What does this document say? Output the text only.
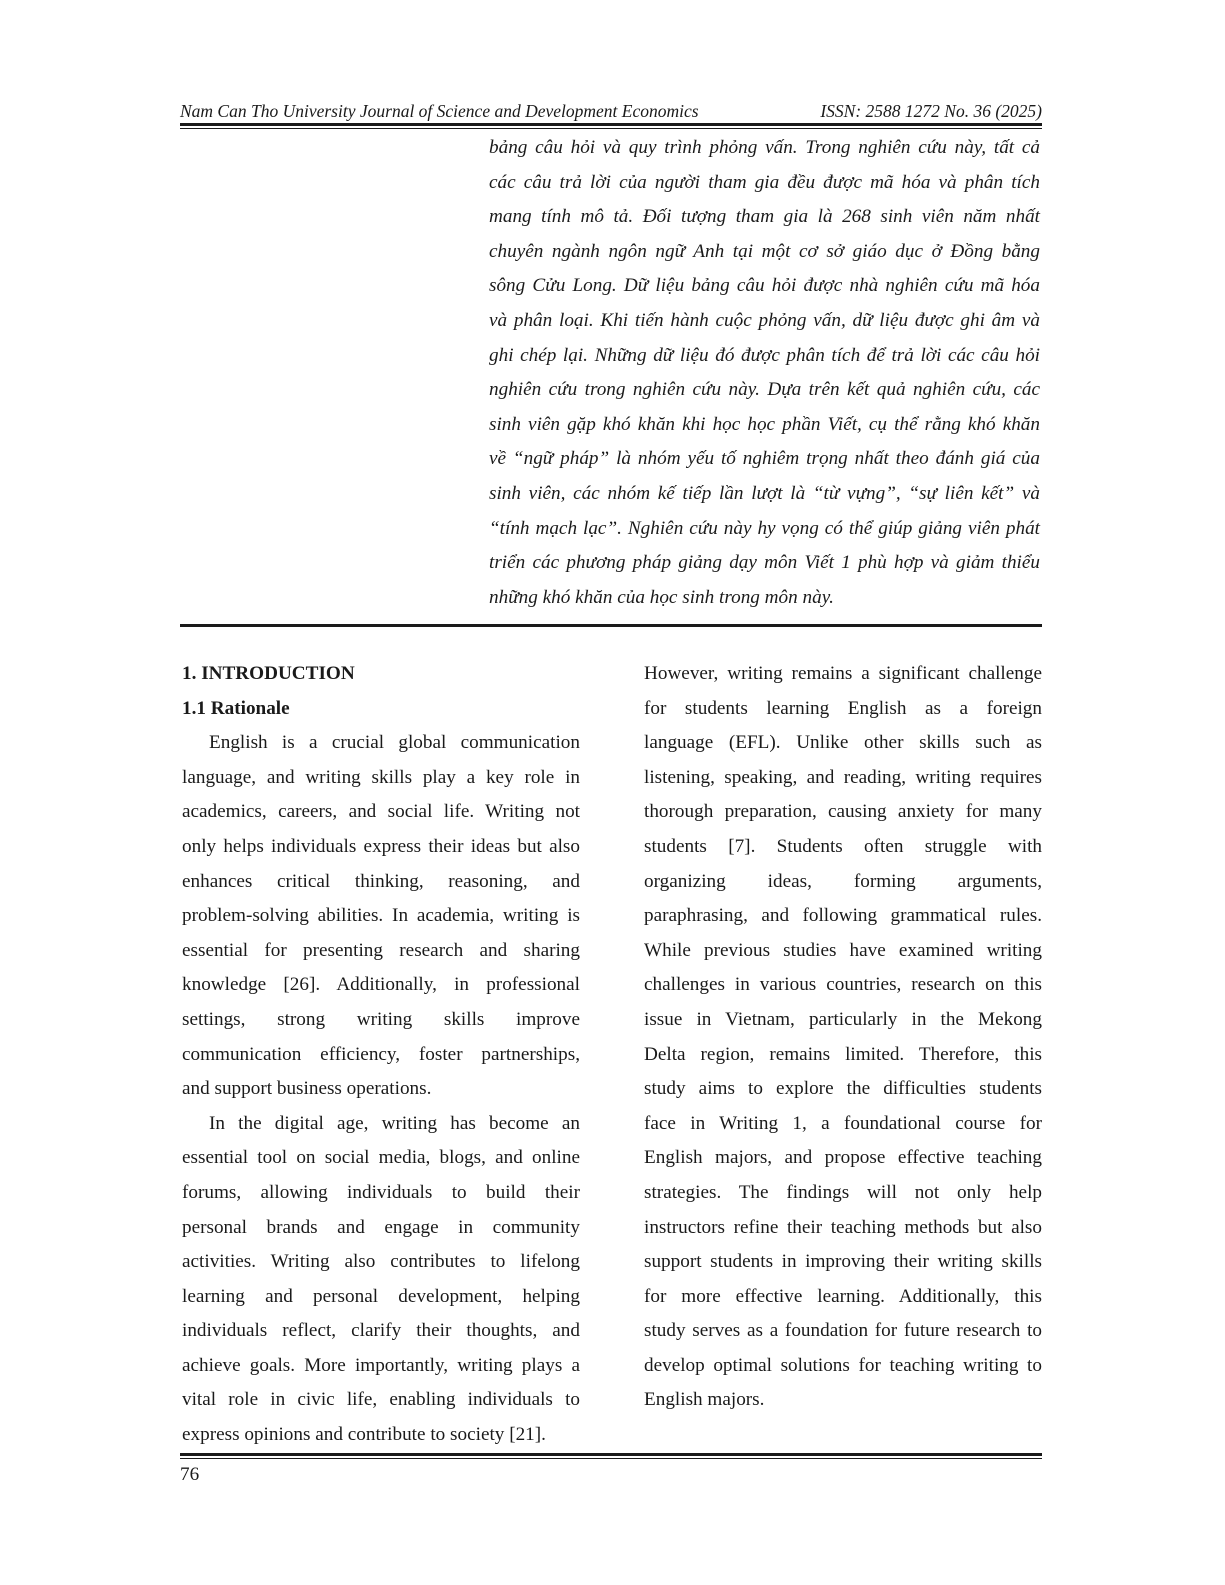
Nam Can Tho University Journal of Science and Development Economics	ISSN: 2588 1272 No. 36 (2025)
bảng câu hỏi và quy trình phỏng vấn. Trong nghiên cứu này, tất cả
các câu trả lời của người tham gia đều được mã hóa và phân tích
mang tính mô tả. Đối tượng tham gia là 268 sinh viên năm nhất
chuyên ngành ngôn ngữ Anh tại một cơ sở giáo dục ở Đồng bằng
sông Cửu Long. Dữ liệu bảng câu hỏi được nhà nghiên cứu mã hóa
và phân loại. Khi tiến hành cuộc phỏng vấn, dữ liệu được ghi âm và
ghi chép lại. Những dữ liệu đó được phân tích để trả lời các câu hỏi
nghiên cứu trong nghiên cứu này. Dựa trên kết quả nghiên cứu, các
sinh viên gặp khó khăn khi học học phần Viết, cụ thể rằng khó khăn
về “ngữ pháp” là nhóm yếu tố nghiêm trọng nhất theo đánh giá của
sinh viên, các nhóm kế tiếp lần lượt là “từ vựng”, “sự liên kết” và
“tính mạch lạc”. Nghiên cứu này hy vọng có thể giúp giảng viên phát
triển các phương pháp giảng dạy môn Viết 1 phù hợp và giảm thiểu
những khó khăn của học sinh trong môn này.
1. INTRODUCTION
1.1 Rationale
English is a crucial global communication
language, and writing skills play a key role in
academics, careers, and social life. Writing not
only helps individuals express their ideas but also
enhances critical thinking, reasoning, and
problem-solving abilities. In academia, writing is
essential for presenting research and sharing
knowledge [26]. Additionally, in professional
settings, strong writing skills improve
communication efficiency, foster partnerships,
and support business operations.
In the digital age, writing has become an
essential tool on social media, blogs, and online
forums, allowing individuals to build their
personal brands and engage in community
activities. Writing also contributes to lifelong
learning and personal development, helping
individuals reflect, clarify their thoughts, and
achieve goals. More importantly, writing plays a
vital role in civic life, enabling individuals to
express opinions and contribute to society [21].
However, writing remains a significant challenge
for students learning English as a foreign
language (EFL). Unlike other skills such as
listening, speaking, and reading, writing requires
thorough preparation, causing anxiety for many
students [7]. Students often struggle with
organizing ideas, forming arguments,
paraphrasing, and following grammatical rules.
While previous studies have examined writing
challenges in various countries, research on this
issue in Vietnam, particularly in the Mekong
Delta region, remains limited. Therefore, this
study aims to explore the difficulties students
face in Writing 1, a foundational course for
English majors, and propose effective teaching
strategies. The findings will not only help
instructors refine their teaching methods but also
support students in improving their writing skills
for more effective learning. Additionally, this
study serves as a foundation for future research to
develop optimal solutions for teaching writing to
English majors.
76
